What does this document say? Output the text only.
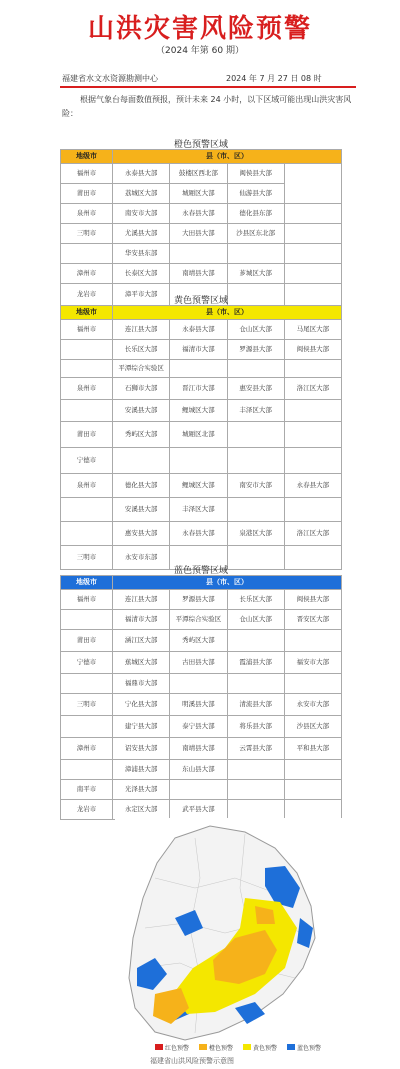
山洪灾害风险预警
（2024 年第 60 期）
福建省水文水资源勘测中心	2024 年 7 月 27 日 08 时
根据气象台每面数值预报，预计未来 24 小时，以下区域可能出现山洪灾害风险：
橙色预警区域
地级市	县（市、区）			
福州市	永泰县大部	鼓楼区西北部	闽侯县大部	
莆田市	荔城区大部	城厢区大部	仙游县大部	
泉州市	南安市大部	永春县大部	德化县东部	
三明市	尤溪县大部	大田县大部	沙县区东北部	
	华安县东部			
漳州市	长泰区大部	南靖县大部	芗城区大部	
龙岩市	漳平市大部			
黄色预警区域
地级市	县（市、区）			
福州市	连江县大部	永泰县大部	仓山区大部	马尾区大部
	长乐区大部	福清市大部	罗源县大部	闽侯县大部
	平潭综合实验区			
泉州市	石狮市大部	晋江市大部	惠安县大部	洛江区大部
	安溪县大部	鲤城区大部	丰泽区大部	
莆田市	秀屿区大部	城厢区北部		
宁德市				
泉州市	德化县大部	鲤城区大部	南安市大部	永春县大部
	安溪县大部	丰泽区大部		
	惠安县大部	永春县大部	泉港区大部	洛江区大部
三明市	永安市东部			
蓝色预警区域
地级市	县（市、区）			
福州市	连江县大部	罗源县大部	长乐区大部	闽侯县大部
	福清市大部	平潭综合实验区	仓山区大部	晋安区大部
莆田市	涵江区大部	秀屿区大部		
宁德市	蕉城区大部	古田县大部	霞浦县大部	福安市大部
	福鼎市大部			
三明市	宁化县大部	明溪县大部	清流县大部	永安市大部
	建宁县大部	泰宁县大部	将乐县大部	沙县区大部
漳州市	诏安县大部	南靖县大部	云霄县大部	平和县大部
	漳浦县大部	东山县大部		
南平市	光泽县大部			
龙岩市	永定区大部	武平县大部		
红色预警	橙色预警	黄色预警	蓝色预警
福建省山洪风险预警示意图
